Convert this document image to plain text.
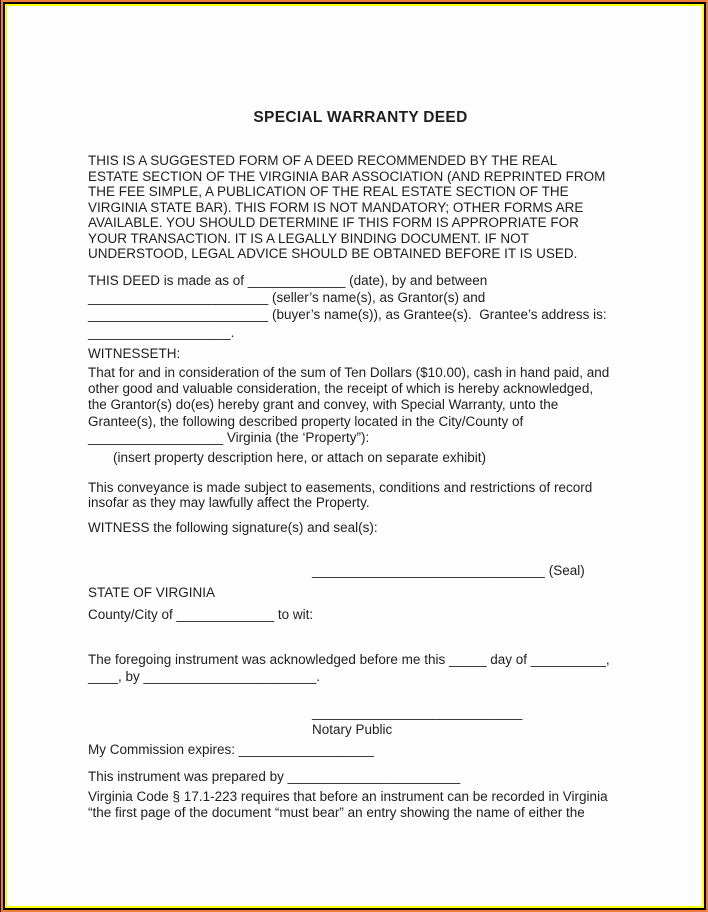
SPECIAL WARRANTY DEED
THIS IS A SUGGESTED FORM OF A DEED RECOMMENDED BY THE REAL
ESTATE SECTION OF THE VIRGINIA BAR ASSOCIATION (AND REPRINTED FROM
THE FEE SIMPLE, A PUBLICATION OF THE REAL ESTATE SECTION OF THE
VIRGINIA STATE BAR). THIS FORM IS NOT MANDATORY; OTHER FORMS ARE
AVAILABLE. YOU SHOULD DETERMINE IF THIS FORM IS APPROPRIATE FOR
YOUR TRANSACTION. IT IS A LEGALLY BINDING DOCUMENT. IF NOT
UNDERSTOOD, LEGAL ADVICE SHOULD BE OBTAINED BEFORE IT IS USED.
THIS DEED is made as of _____________ (date), by and between
________________________ (seller’s name(s), as Grantor(s) and
________________________ (buyer’s name(s)), as Grantee(s).  Grantee’s address is:
___________________.
WITNESSETH:
That for and in consideration of the sum of Ten Dollars ($10.00), cash in hand paid, and
other good and valuable consideration, the receipt of which is hereby acknowledged,
the Grantor(s) do(es) hereby grant and convey, with Special Warranty, unto the
Grantee(s), the following described property located in the City/County of
__________________ Virginia (the ‘Property”):
(insert property description here, or attach on separate exhibit)
This conveyance is made subject to easements, conditions and restrictions of record
insofar as they may lawfully affect the Property.
WITNESS the following signature(s) and seal(s):
_______________________________ (Seal)
STATE OF VIRGINIA
County/City of _____________ to wit:
The foregoing instrument was acknowledged before me this _____ day of __________,
____, by _______________________.
____________________________
Notary Public
My Commission expires: __________________
This instrument was prepared by _______________________
Virginia Code § 17.1-223 requires that before an instrument can be recorded in Virginia
“the first page of the document “must bear” an entry showing the name of either the
